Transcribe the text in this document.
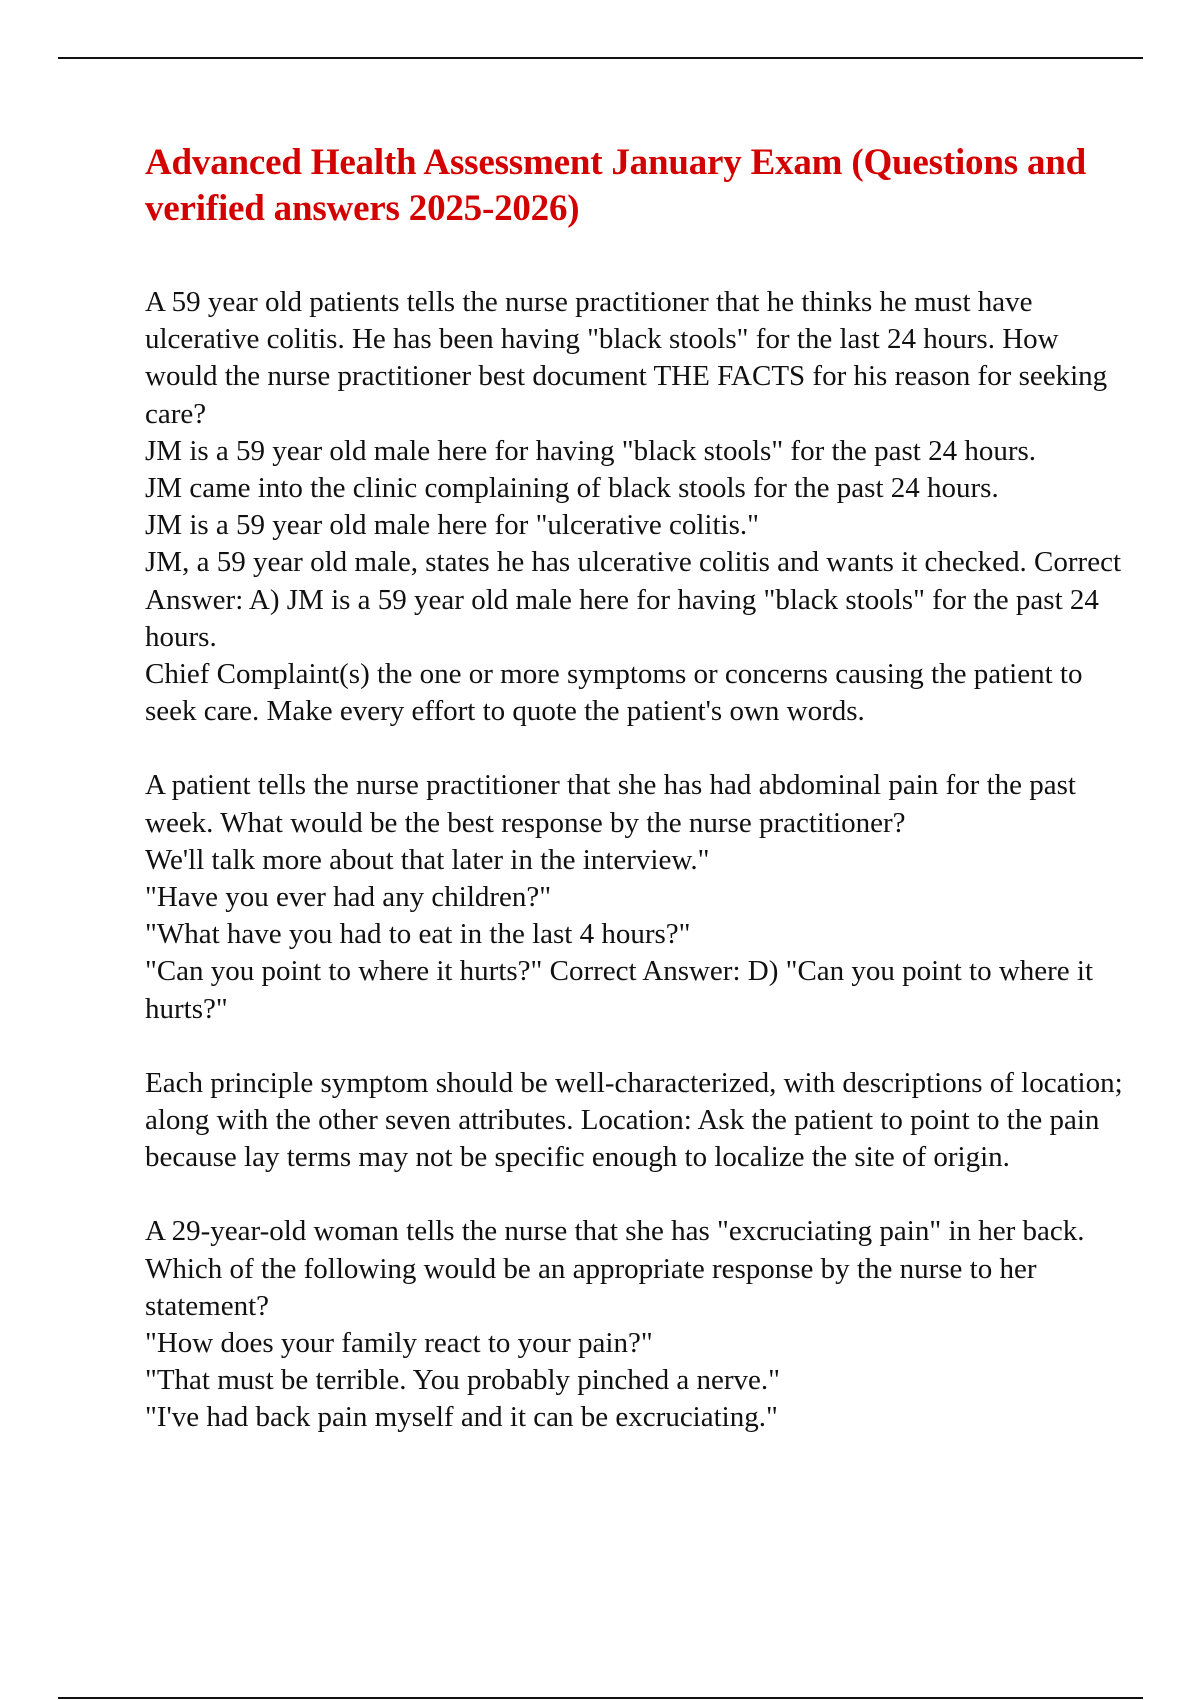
Advanced Health Assessment January Exam (Questions and verified answers 2025-2026)
A 59 year old patients tells the nurse practitioner that he thinks he must have ulcerative colitis. He has been having "black stools" for the last 24 hours. How would the nurse practitioner best document THE FACTS for his reason for seeking care?
JM is a 59 year old male here for having "black stools" for the past 24 hours.
JM came into the clinic complaining of black stools for the past 24 hours.
JM is a 59 year old male here for "ulcerative colitis."
JM, a 59 year old male, states he has ulcerative colitis and wants it checked. Correct Answer: A) JM is a 59 year old male here for having "black stools" for the past 24 hours.
Chief Complaint(s) the one or more symptoms or concerns causing the patient to seek care. Make every effort to quote the patient's own words.
A patient tells the nurse practitioner that she has had abdominal pain for the past week. What would be the best response by the nurse practitioner?
We'll talk more about that later in the interview."
"Have you ever had any children?"
"What have you had to eat in the last 4 hours?"
"Can you point to where it hurts?" Correct Answer: D) "Can you point to where it hurts?"
Each principle symptom should be well-characterized, with descriptions of location; along with the other seven attributes. Location: Ask the patient to point to the pain because lay terms may not be specific enough to localize the site of origin.
A 29-year-old woman tells the nurse that she has "excruciating pain" in her back. Which of the following would be an appropriate response by the nurse to her statement?
"How does your family react to your pain?"
"That must be terrible. You probably pinched a nerve."
"I've had back pain myself and it can be excruciating."
